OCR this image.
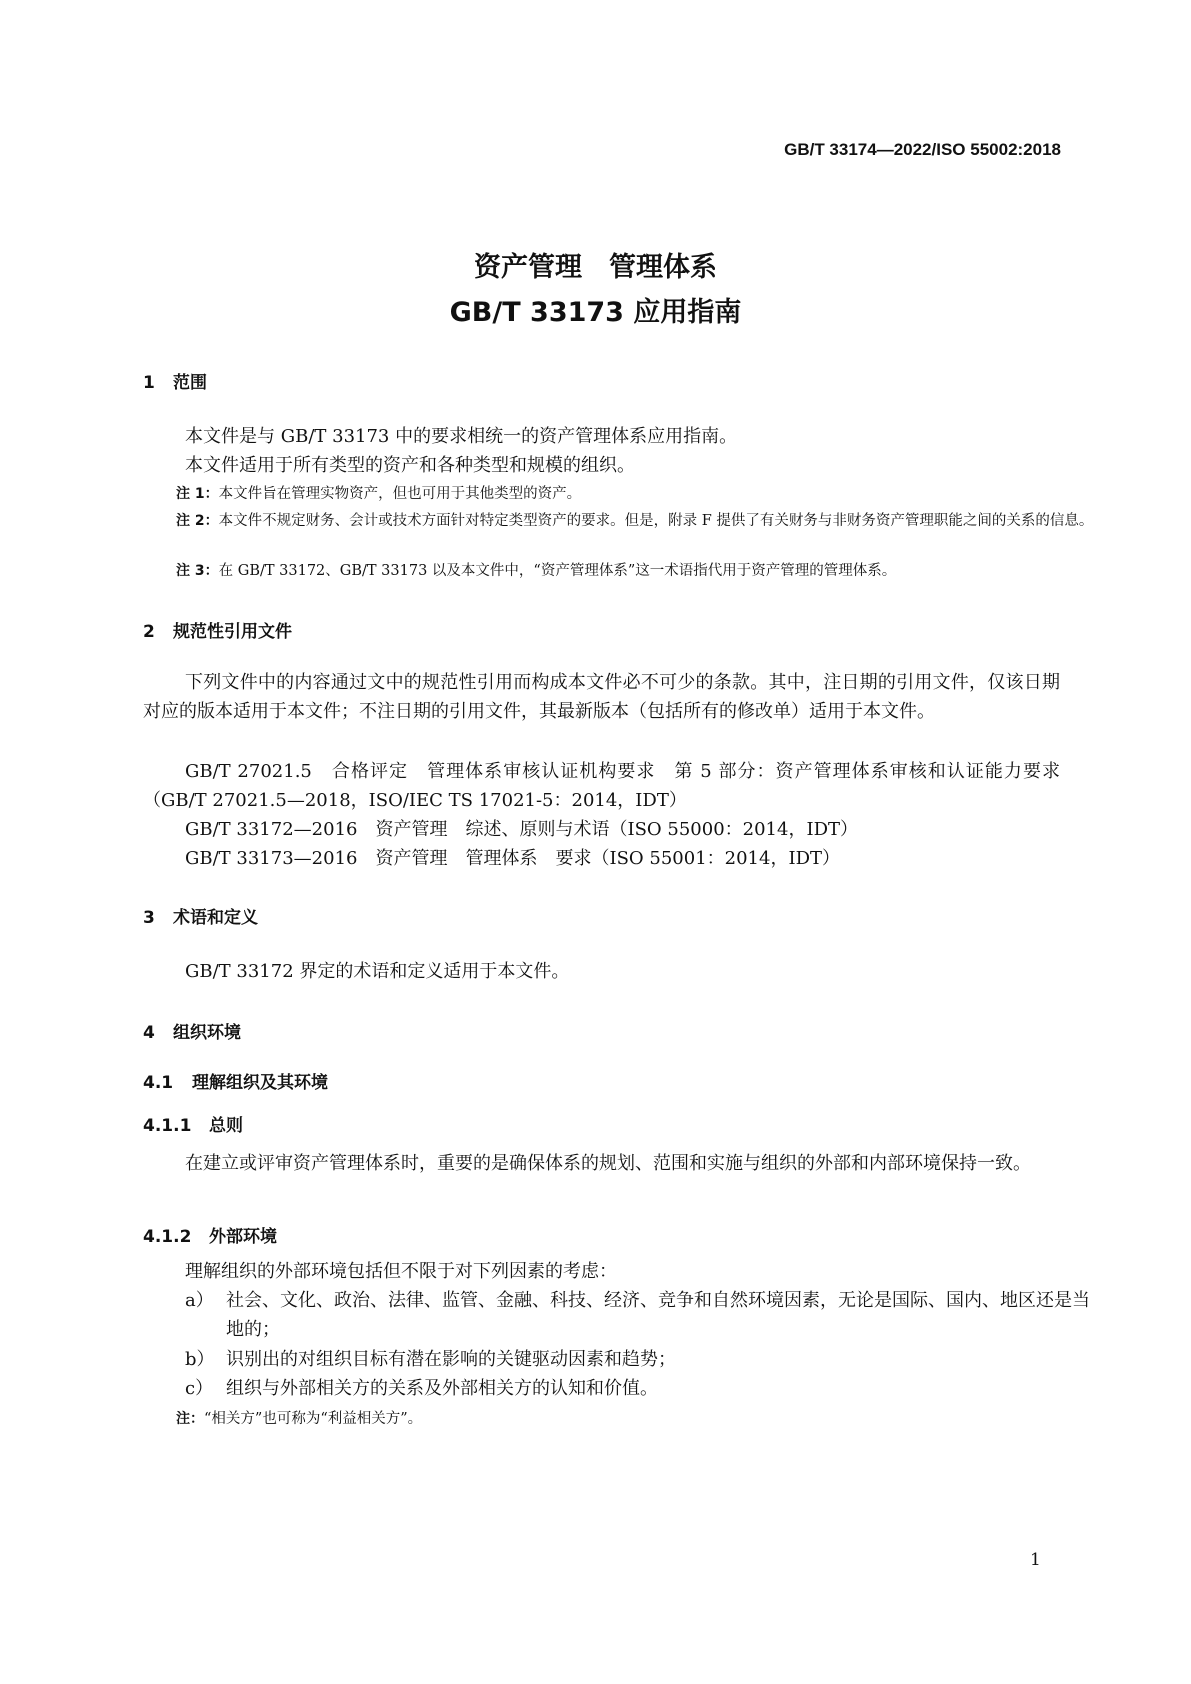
GB/T 33174—2022/ISO 55002:2018
资产管理　管理体系
GB/T 33173 应用指南
1 范围
本文件是与 GB/T 33173 中的要求相统一的资产管理体系应用指南。
本文件适用于所有类型的资产和各种类型和规模的组织。
注 1：本文件旨在管理实物资产，但也可用于其他类型的资产。
注 2：本文件不规定财务、会计或技术方面针对特定类型资产的要求。但是，附录 F 提供了有关财务与非财务资产管理职能之间的关系的信息。
注 3：在 GB/T 33172、GB/T 33173 以及本文件中，“资产管理体系”这一术语指代用于资产管理的管理体系。
2 规范性引用文件
下列文件中的内容通过文中的规范性引用而构成本文件必不可少的条款。其中，注日期的引用文件，仅该日期对应的版本适用于本文件；不注日期的引用文件，其最新版本（包括所有的修改单）适用于本文件。
GB/T 27021.5　合格评定　管理体系审核认证机构要求　第 5 部分：资产管理体系审核和认证能力要求（GB/T 27021.5—2018，ISO/IEC TS 17021-5：2014，IDT）
GB/T 33172—2016　资产管理　综述、原则与术语（ISO 55000：2014，IDT）
GB/T 33173—2016　资产管理　管理体系　要求（ISO 55001：2014，IDT）
3 术语和定义
GB/T 33172 界定的术语和定义适用于本文件。
4 组织环境
4.1 理解组织及其环境
4.1.1 总则
在建立或评审资产管理体系时，重要的是确保体系的规划、范围和实施与组织的外部和内部环境保持一致。
4.1.2 外部环境
理解组织的外部环境包括但不限于对下列因素的考虑：
a） 社会、文化、政治、法律、监管、金融、科技、经济、竞争和自然环境因素，无论是国际、国内、地区还是当地的；
b） 识别出的对组织目标有潜在影响的关键驱动因素和趋势；
c） 组织与外部相关方的关系及外部相关方的认知和价值。
注：“相关方”也可称为“利益相关方”。
1
